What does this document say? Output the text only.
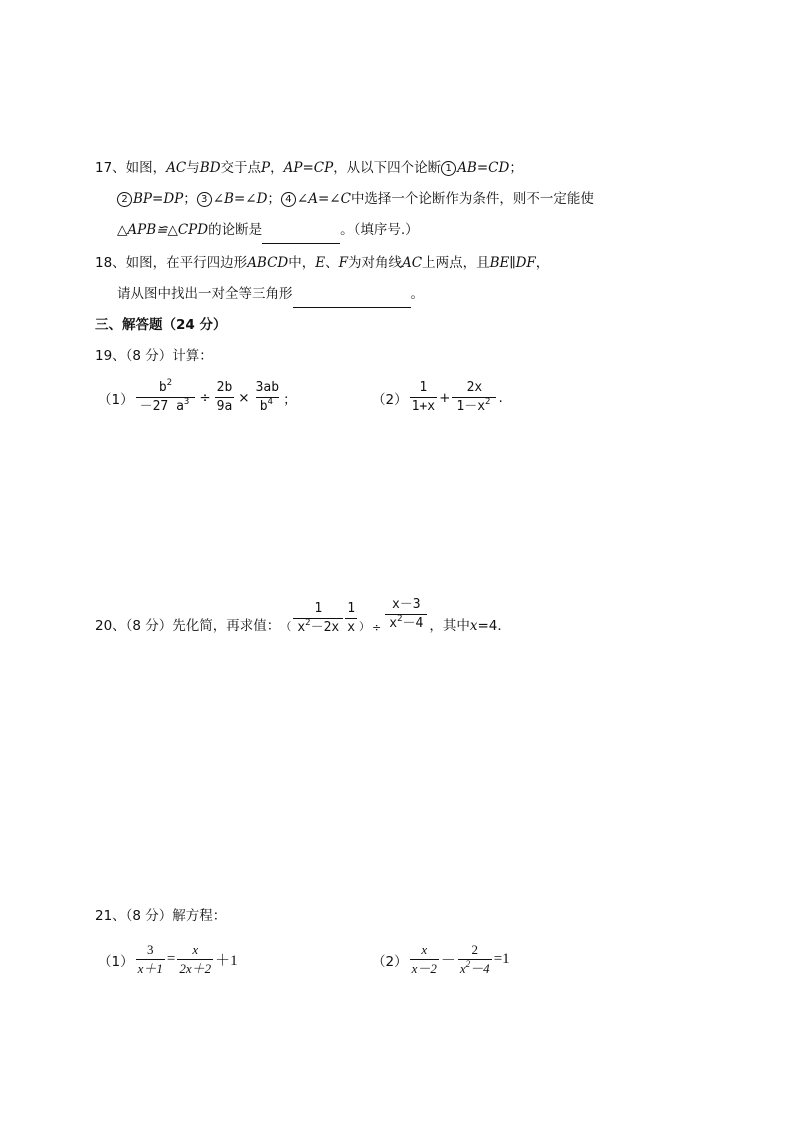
17、如图，AC与BD交于点P，AP=CP，从以下四个论断 1 AB=CD；
2 BP=DP； 3 ∠B=∠D； 4 ∠A=∠C中选择一个论断作为条件，则不一定能使
△APB≌△CPD的论断是	。（填序号.）
18、如图，在平行四边形ABCD中，E、F为对角线AC上两点，且BE∥DF，
请从图中找出一对全等三角形	。
三、解答题（24 分）
19、（8 分）计算：
$(1) \frac{b^2}{-27 a^3} \div \frac{2b}{9a} \times \frac{3ab}{b^4}$ ；	$(2) \frac{1}{1+x} + \frac{2x}{1-x^2}$ .
20、（8 分）先化简，再求值： （ $\frac{1}{x^2-2x} \frac{1}{x}$ ） ÷ $\frac{x-3}{x^2-4}$ ，其中x=4．
21、（8 分）解方程：
$(1) \frac{3}{x+1} = \frac{x}{2x+2} +1$	$(2) \frac{x}{x-2} - \frac{2}{x^2-4} =1$
